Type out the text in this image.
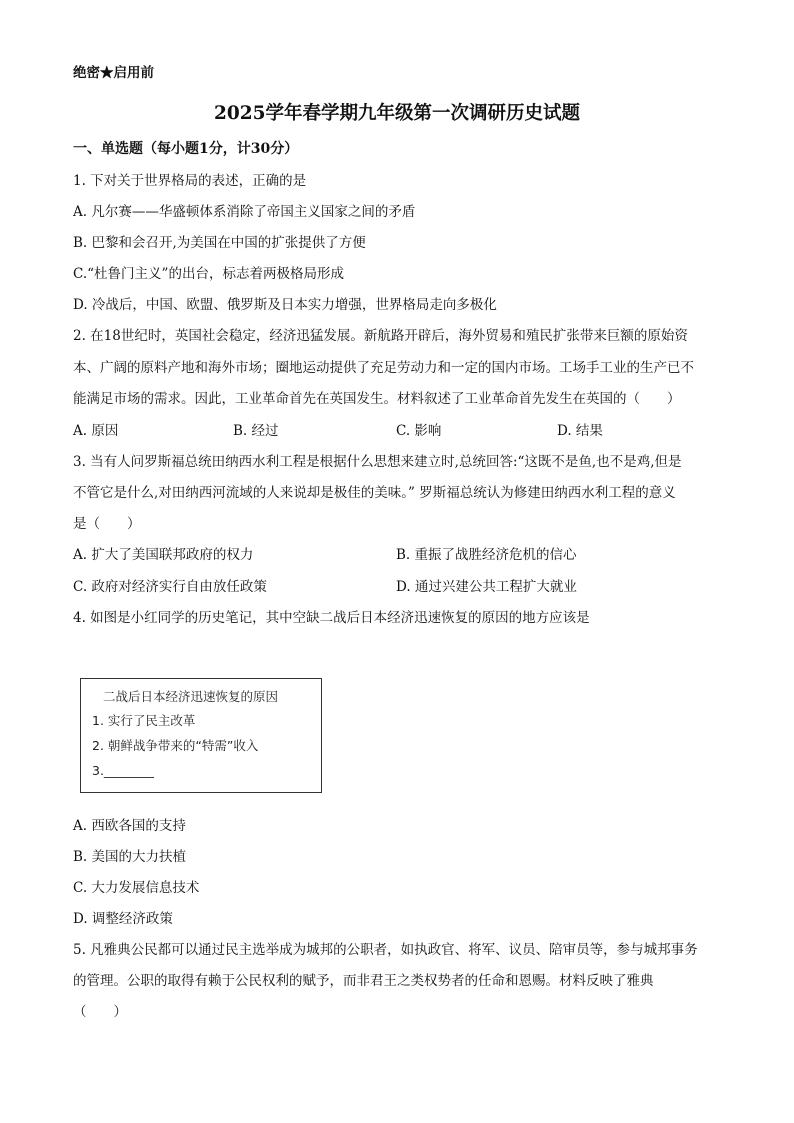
绝密★启用前
2025学年春学期九年级第一次调研历史试题
一、单选题（每小题1分，计30分）
1. 下对关于世界格局的表述，正确的是
A. 凡尔赛——华盛顿体系消除了帝国主义国家之间的矛盾
B. 巴黎和会召开,为美国在中国的扩张提供了方便
C.“杜鲁门主义”的出台，标志着两极格局形成
D. 冷战后，中国、欧盟、俄罗斯及日本实力增强，世界格局走向多极化
2. 在18世纪时，英国社会稳定，经济迅猛发展。新航路开辟后，海外贸易和殖民扩张带来巨额的原始资
本、广阔的原料产地和海外市场；圈地运动提供了充足劳动力和一定的国内市场。工场手工业的生产已不
能满足市场的需求。因此，工业革命首先在英国发生。材料叙述了工业革命首先发生在英国的（　　）
A. 原因	B. 经过	C. 影响	D. 结果
3. 当有人问罗斯福总统田纳西水利工程是根据什么思想来建立时,总统回答:“这既不是鱼,也不是鸡,但是
不管它是什么,对田纳西河流域的人来说却是极佳的美味。” 罗斯福总统认为修建田纳西水利工程的意义
是（　　）
A. 扩大了美国联邦政府的权力	B. 重振了战胜经济危机的信心
C. 政府对经济实行自由放任政策	D. 通过兴建公共工程扩大就业
4. 如图是小红同学的历史笔记，其中空缺二战后日本经济迅速恢复的原因的地方应该是
二战后日本经济迅速恢复的原因
1. 实行了民主改革
2. 朝鲜战争带来的“特需”收入
3.________
A. 西欧各国的支持
B. 美国的大力扶植
C. 大力发展信息技术
D. 调整经济政策
5. 凡雅典公民都可以通过民主选举成为城邦的公职者，如执政官、将军、议员、陪审员等，参与城邦事务
的管理。公职的取得有赖于公民权利的赋予，而非君王之类权势者的任命和恩赐。材料反映了雅典
（　　）
